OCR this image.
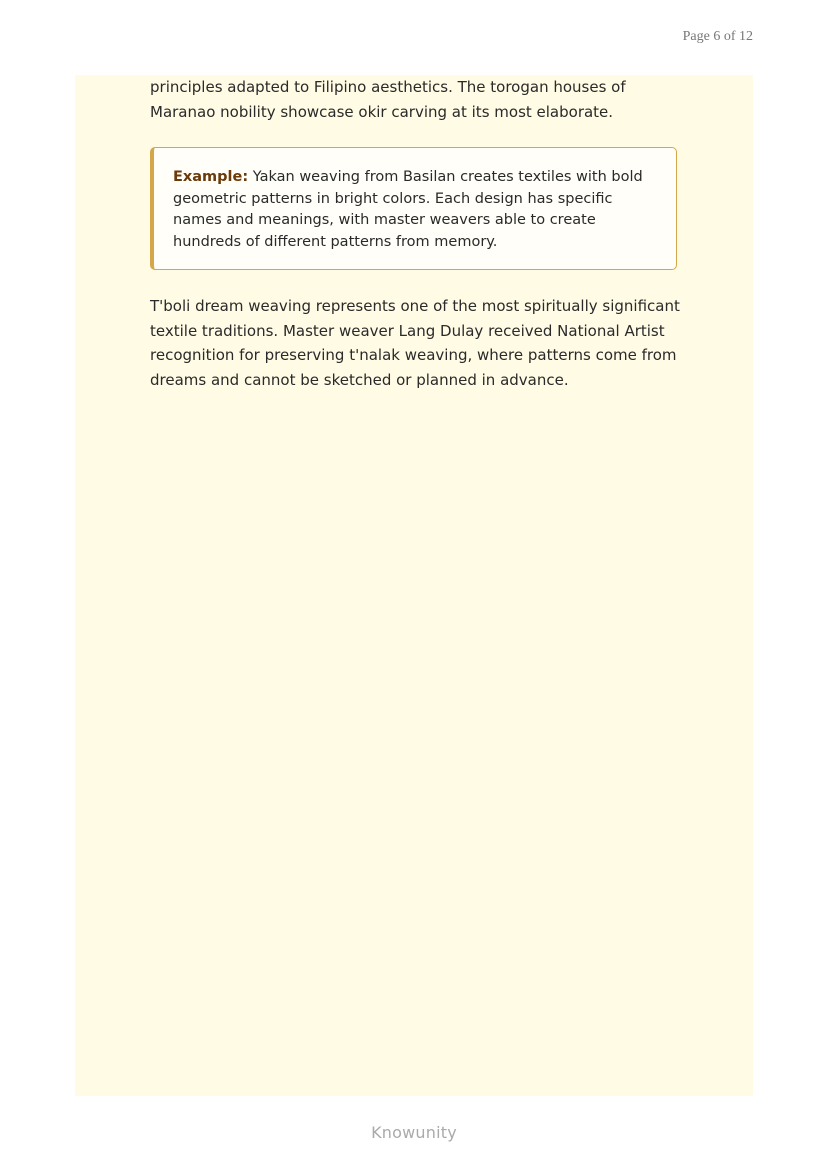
Page 6 of 12

principles adapted to Filipino aesthetics. The torogan houses of Maranao nobility showcase okir carving at its most elaborate.

Example: Yakan weaving from Basilan creates textiles with bold geometric patterns in bright colors. Each design has specific names and meanings, with master weavers able to create hundreds of different patterns from memory.

T'boli dream weaving represents one of the most spiritually significant textile traditions. Master weaver Lang Dulay received National Artist recognition for preserving t'nalak weaving, where patterns come from dreams and cannot be sketched or planned in advance.

Knowunity
